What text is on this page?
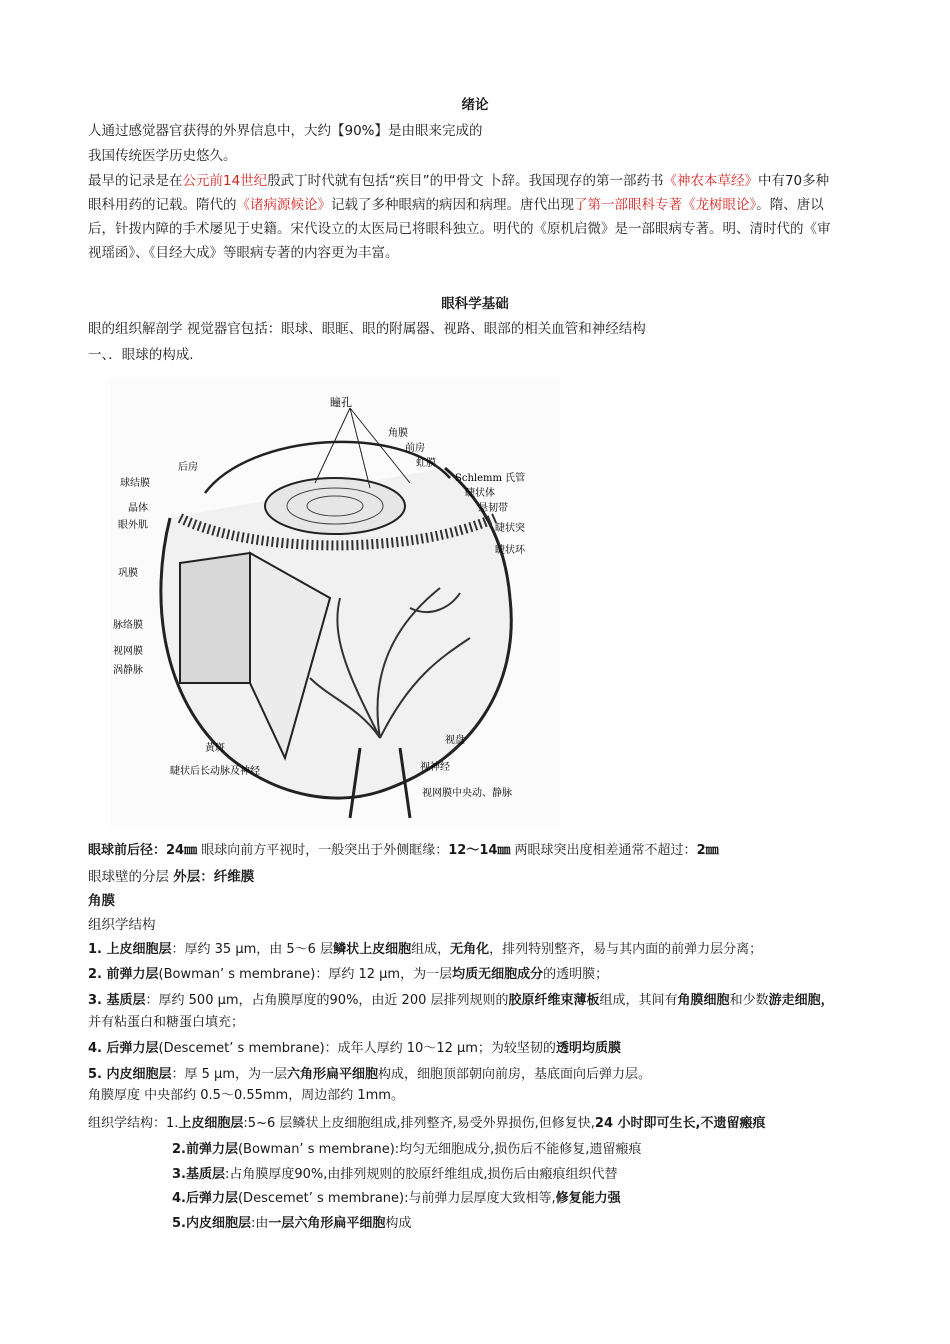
绪论
人通过感觉器官获得的外界信息中，大约【90%】是由眼来完成的
我国传统医学历史悠久。
最早的记录是在公元前14世纪殷武丁时代就有包括“疾目”的甲骨文 卜辞。我国现存的第一部药书《神农本草经》中有70多种
眼科用药的记载。隋代的《诸病源候论》记载了多种眼病的病因和病理。唐代出现了第一部眼科专著《龙树眼论》。隋、唐以
后，针拨内障的手术屡见于史籍。宋代设立的太医局已将眼科独立。明代的《原机启微》是一部眼病专著。明、清时代的《审
视瑶函》、《目经大成》等眼病专著的内容更为丰富。
眼科学基础
眼的组织解剖学 视觉器官包括：眼球、眼眶、眼的附属器、视路、眼部的相关血管和神经结构
一、．眼球的构成.
瞳孔
角膜
前房
虹膜
Schlemm 氏管
睫状体
悬韧带
睫状突
睫状环
后房
球结膜
晶体
眼外肌
巩膜
脉络膜
视网膜
涡静脉
黄斑
视盘
睫状后长动脉及神经	视神经
视网膜中央动、静脉
眼球前后径：24㎜ 眼球向前方平视时，一般突出于外侧眶缘：12～14㎜ 两眼球突出度相差通常不超过：2㎜
眼球壁的分层 外层：纤维膜
角膜
组织学结构
1. 上皮细胞层：厚约 35 μm，由 5～6 层鳞状上皮细胞组成，无角化，排列特别整齐，易与其内面的前弹力层分离；
2. 前弹力层(Bowman’ s membrane)：厚约 12 μm，为一层均质无细胞成分的透明膜；
3. 基质层：厚约 500 μm，占角膜厚度的90%，由近 200 层排列规则的胶原纤维束薄板组成，其间有角膜细胞和少数游走细胞，
并有粘蛋白和糖蛋白填充；
4. 后弹力层(Descemet’ s membrane)：成年人厚约 10～12 μm；为较坚韧的透明均质膜
5. 内皮细胞层：厚 5 μm，为一层六角形扁平细胞构成，细胞顶部朝向前房，基底面向后弹力层。
角膜厚度 中央部约 0.5～0.55mm，周边部约 1mm。
组织学结构：1.上皮细胞层:5~6 层鳞状上皮细胞组成,排列整齐,易受外界损伤,但修复快,24 小时即可生长,不遗留瘢痕
2.前弹力层(Bowman’ s membrane):均匀无细胞成分,损伤后不能修复,遗留瘢痕
3.基质层:占角膜厚度90%,由排列规则的胶原纤维组成,损伤后由瘢痕组织代替
4.后弹力层(Descemet’ s membrane):与前弹力层厚度大致相等,修复能力强
5.内皮细胞层:由一层六角形扁平细胞构成
